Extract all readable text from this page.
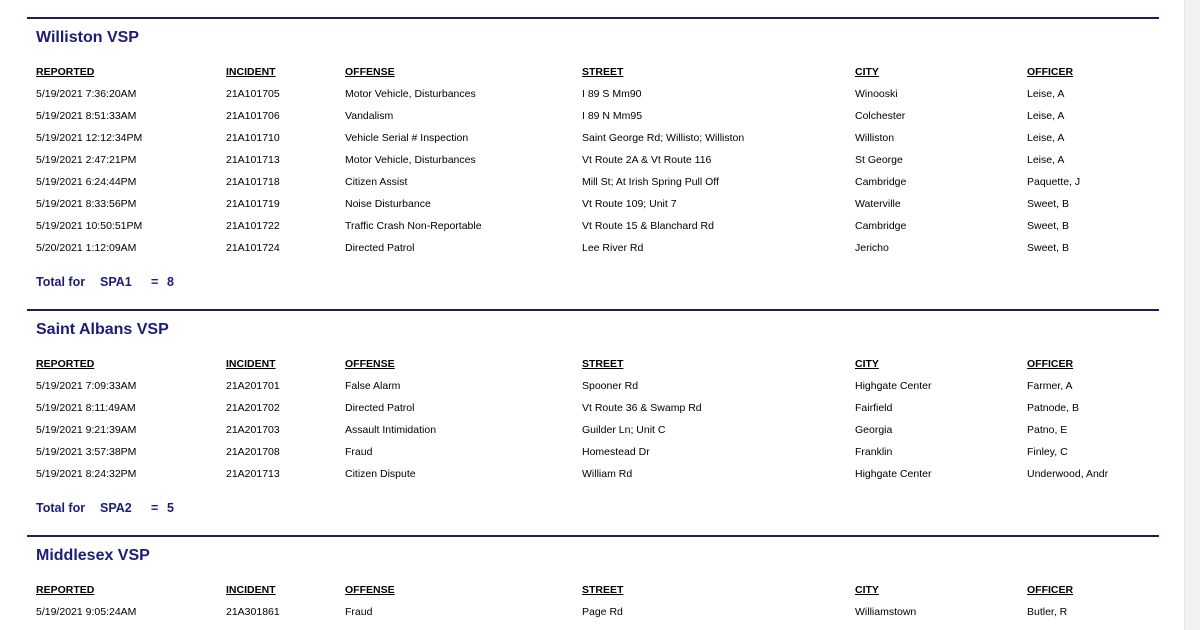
Williston VSP
REPORTED	INCIDENT	OFFENSE	STREET	CITY	OFFICER
5/19/2021 7:36:20AM	21A101705	Motor Vehicle, Disturbances	I 89 S Mm90	Winooski	Leise, A
5/19/2021 8:51:33AM	21A101706	Vandalism	I 89 N Mm95	Colchester	Leise, A
5/19/2021 12:12:34PM	21A101710	Vehicle Serial # Inspection	Saint George Rd; Willisto; Williston	Williston	Leise, A
5/19/2021 2:47:21PM	21A101713	Motor Vehicle, Disturbances	Vt Route 2A & Vt Route 116	St George	Leise, A
5/19/2021 6:24:44PM	21A101718	Citizen Assist	Mill St; At Irish Spring Pull Off	Cambridge	Paquette, J
5/19/2021 8:33:56PM	21A101719	Noise Disturbance	Vt Route 109; Unit 7	Waterville	Sweet, B
5/19/2021 10:50:51PM	21A101722	Traffic Crash Non-Reportable	Vt Route 15 & Blanchard Rd	Cambridge	Sweet, B
5/20/2021 1:12:09AM	21A101724	Directed Patrol	Lee River Rd	Jericho	Sweet, B
Total for SPA1 = 8
Saint Albans VSP
REPORTED	INCIDENT	OFFENSE	STREET	CITY	OFFICER
5/19/2021 7:09:33AM	21A201701	False Alarm	Spooner Rd	Highgate Center	Farmer, A
5/19/2021 8:11:49AM	21A201702	Directed Patrol	Vt Route 36 & Swamp Rd	Fairfield	Patnode, B
5/19/2021 9:21:39AM	21A201703	Assault Intimidation	Guilder Ln; Unit C	Georgia	Patno, E
5/19/2021 3:57:38PM	21A201708	Fraud	Homestead Dr	Franklin	Finley, C
5/19/2021 8:24:32PM	21A201713	Citizen Dispute	William Rd	Highgate Center	Underwood, Andr
Total for SPA2 = 5
Middlesex VSP
REPORTED	INCIDENT	OFFENSE	STREET	CITY	OFFICER
5/19/2021 9:05:24AM	21A301861	Fraud	Page Rd	Williamstown	Butler, R
